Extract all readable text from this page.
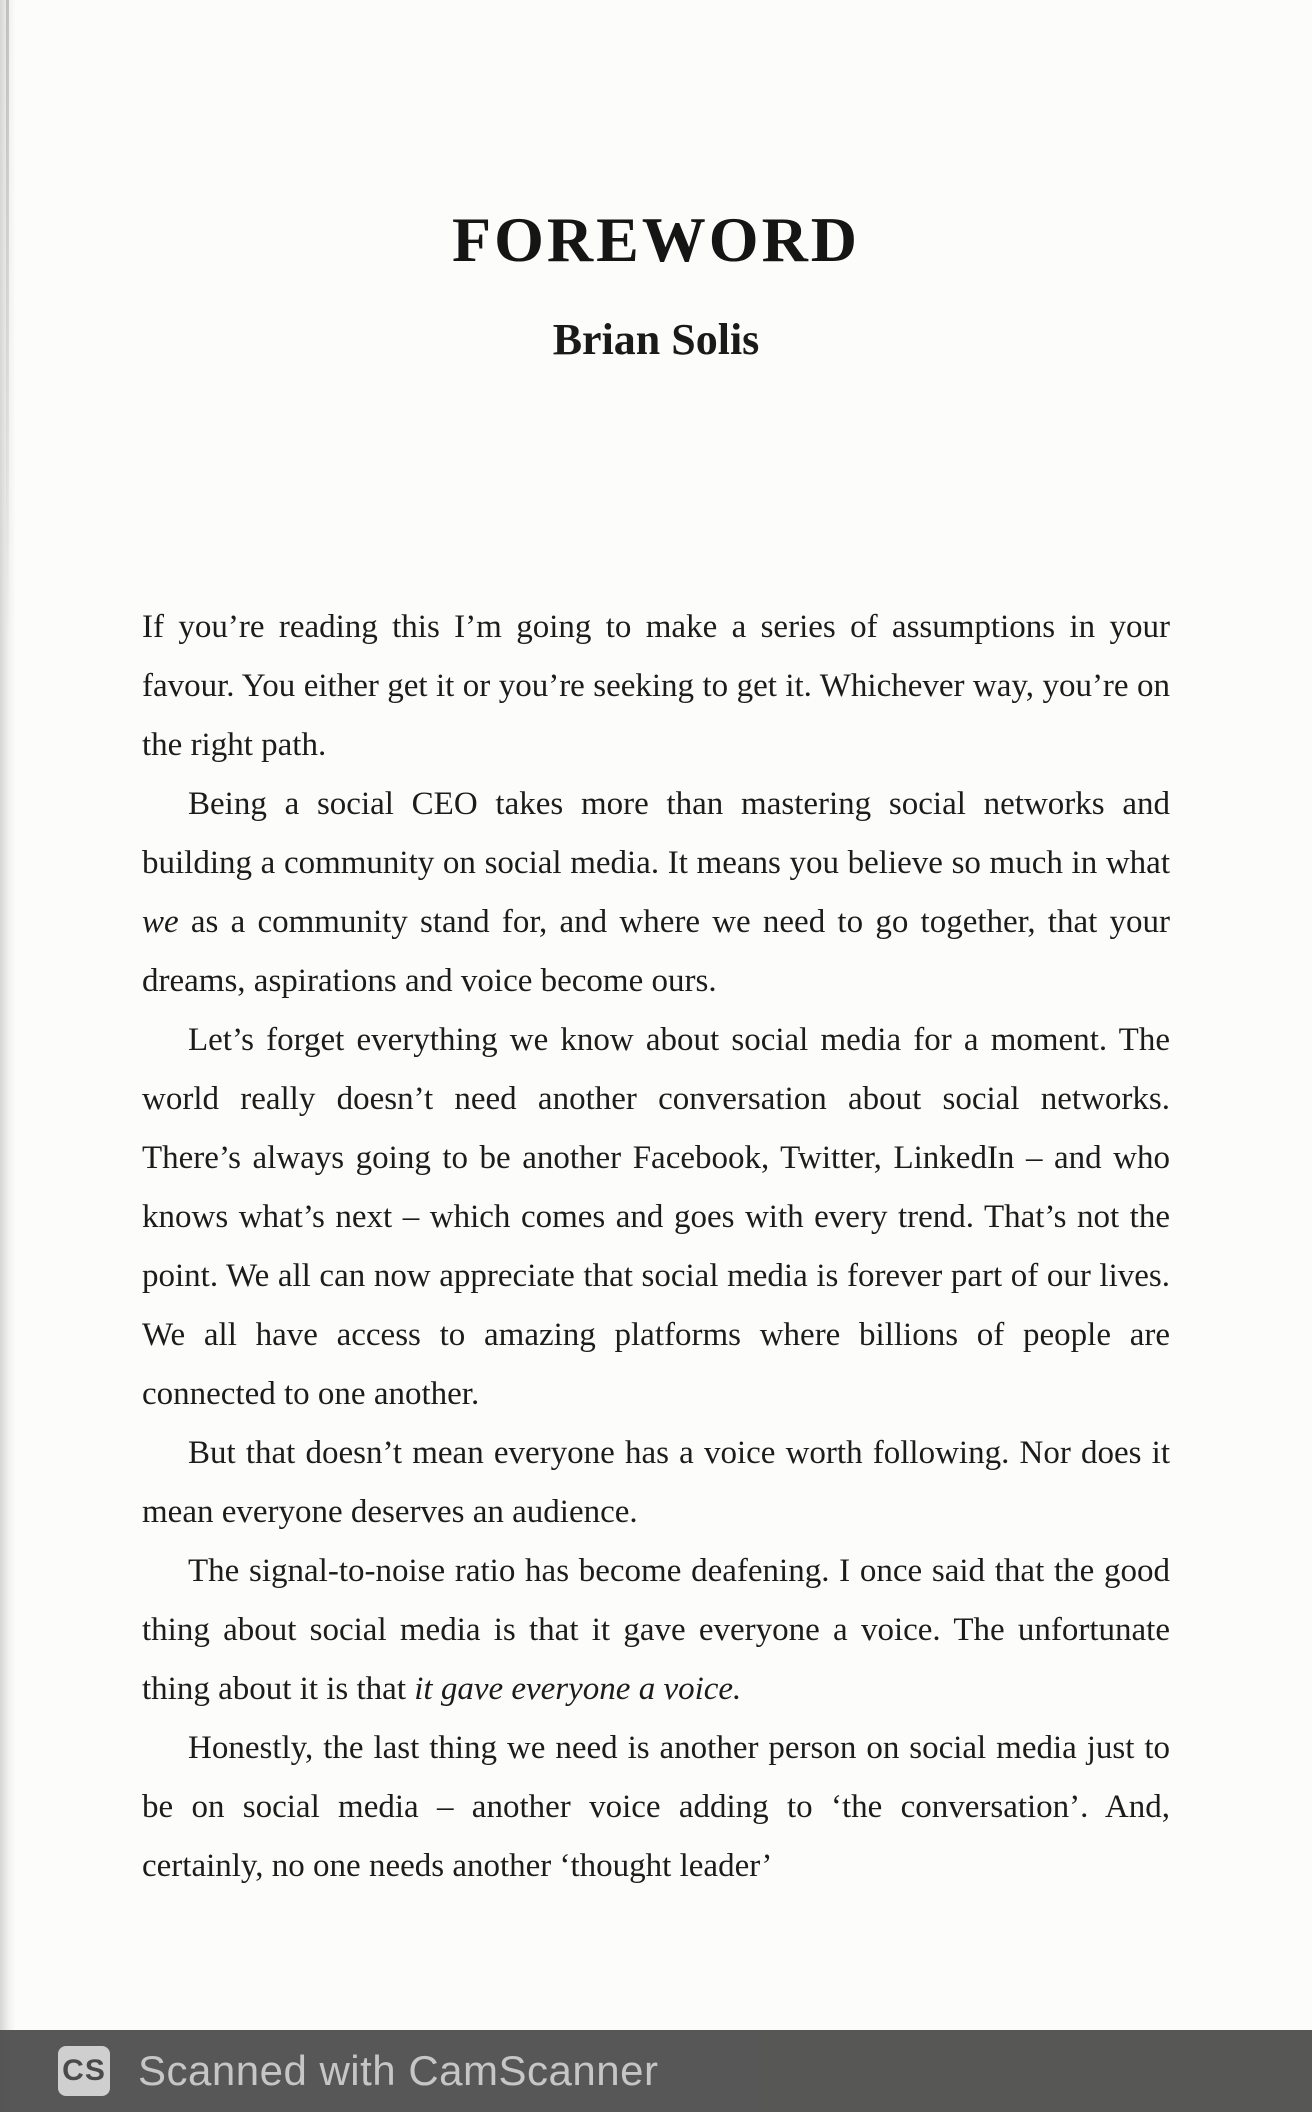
FOREWORD
Brian Solis

If you’re reading this I’m going to make a series of assumptions in your favour. You either get it or you’re seeking to get it. Whichever way, you’re on the right path.

Being a social CEO takes more than mastering social networks and building a community on social media. It means you believe so much in what we as a community stand for, and where we need to go together, that your dreams, aspirations and voice become ours.

Let’s forget everything we know about social media for a moment. The world really doesn’t need another conversation about social networks. There’s always going to be another Facebook, Twitter, LinkedIn – and who knows what’s next – which comes and goes with every trend. That’s not the point. We all can now appreciate that social media is forever part of our lives. We all have access to amazing platforms where billions of people are connected to one another.

But that doesn’t mean everyone has a voice worth following. Nor does it mean everyone deserves an audience.

The signal-to-noise ratio has become deafening. I once said that the good thing about social media is that it gave everyone a voice. The unfortunate thing about it is that it gave everyone a voice.

Honestly, the last thing we need is another person on social media just to be on social media – another voice adding to ‘the conversation’. And, certainly, no one needs another ‘thought leader’

CS Scanned with CamScanner
